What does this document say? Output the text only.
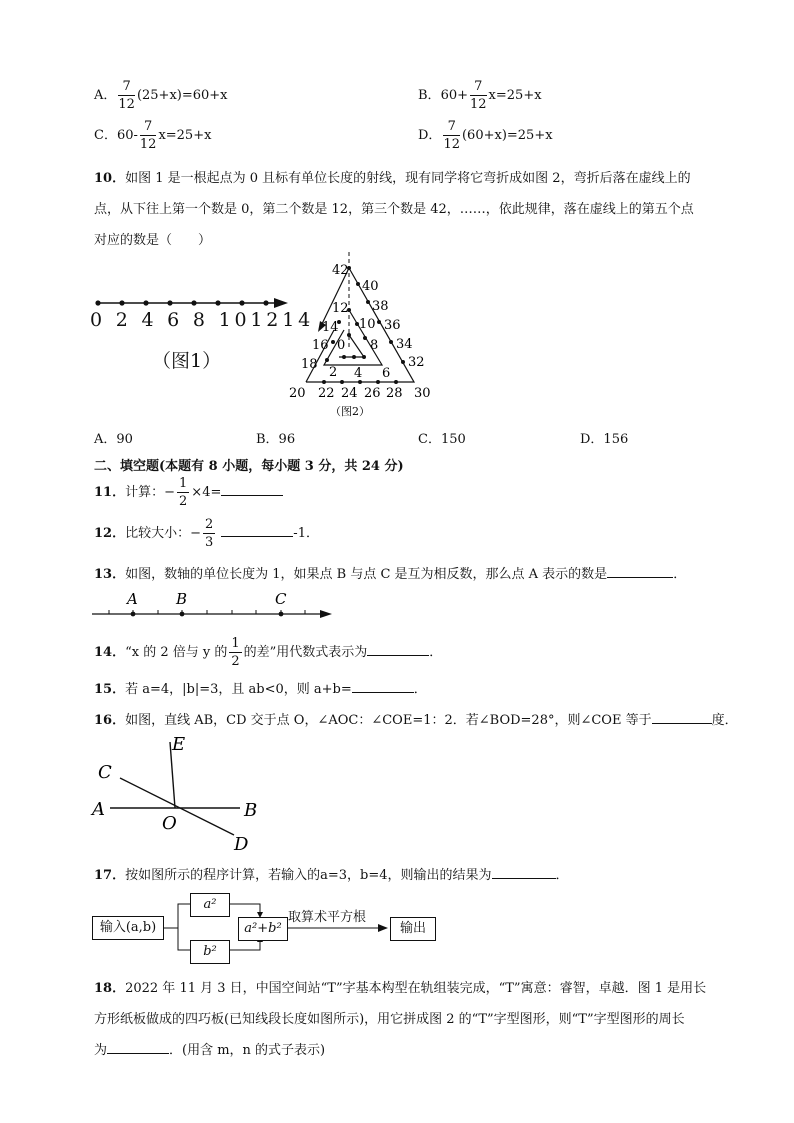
A． $\frac{7}{12} (25+x)=60+x$	B．$60+ \frac{7}{12} x=25+x$
C．$60- \frac{7}{12} x=25+x$	D． $\frac{7}{12} (60+x)=25+x$
10．如图 1 是一根起点为 0 且标有单位长度的射线，现有同学将它弯折成如图 2，弯折后落在虚线上的
点，从下往上第一个数是 0，第二个数是 12，第三个数是 42，……，依此规律，落在虚线上的第五个点
对应的数是（　　）
0 2 4 6 8 101214
（图1）
42
40
38
36
34
32
30
12
10
8
14
16
18
20
0
2 4 6
22 24 26 28
（图2）
A．90	B．96	C．150	D．156
二、填空题(本题有 8 小题，每小题 3 分，共 24 分)
11．计算：− $\frac{1}{2} \times 4=$
12．比较大小：− $\frac{2}{3}$	-1．
13．如图，数轴的单位长度为 1，如果点 B 与点 C 是互为相反数，那么点 A 表示的数是	．
A	B	C
14．“x 的 2 倍与 y 的 $\frac{1}{2}$ 的差”用代数式表示为	．
15．若 a=4，|b|=3，且 ab<0，则 a+b=	．
16．如图，直线 AB，CD 交于点 O，∠AOC：∠COE=1：2．若∠BOD=28°，则∠COE 等于	度．
E
C
A	B
O
D
17．按如图所示的程序计算，若输入的a=3，b=4，则输出的结果为	．
输入(a,b)
a²
b²
a²+b²
取算术平方根
输出
18．2022 年 11 月 3 日，中国空间站“T”字基本构型在轨组装完成，“T”寓意：睿智，卓越．图 1 是用长
方形纸板做成的四巧板(已知线段长度如图所示)，用它拼成图 2 的“T”字型图形，则“T”字型图形的周长
为	．(用含 m，n 的式子表示)
